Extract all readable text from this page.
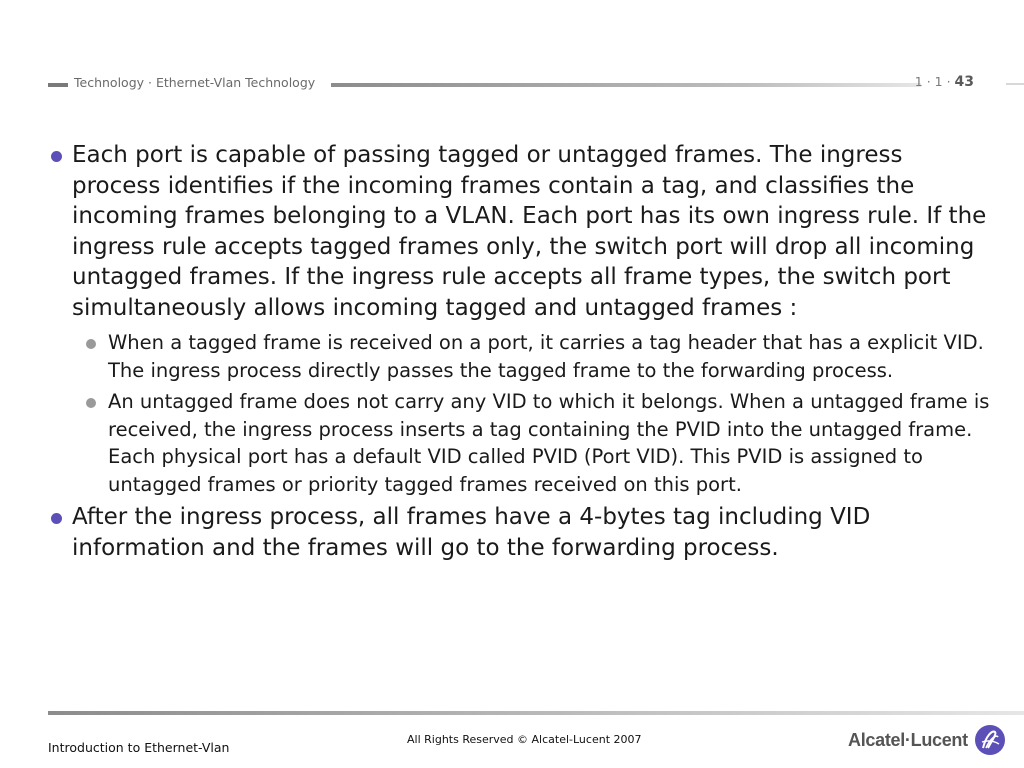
Technology · Ethernet-Vlan Technology	1 · 1 · 43
Each port is capable of passing tagged or untagged frames. The ingress process identifies if the incoming frames contain a tag, and classifies the incoming frames belonging to a VLAN. Each port has its own ingress rule. If the ingress rule accepts tagged frames only, the switch port will drop all incoming untagged frames. If the ingress rule accepts all frame types, the switch port simultaneously allows incoming tagged and untagged frames :
When a tagged frame is received on a port, it carries a tag header that has a explicit VID. The ingress process directly passes the tagged frame to the forwarding process.
An untagged frame does not carry any VID to which it belongs. When a untagged frame is received, the ingress process inserts a tag containing the PVID into the untagged frame. Each physical port has a default VID called PVID (Port VID). This PVID is assigned to untagged frames or priority tagged frames received on this port.
After the ingress process, all frames have a 4-bytes tag including VID information and the frames will go to the forwarding process.
Introduction to Ethernet-Vlan
All Rights Reserved © Alcatel-Lucent 2007	Alcatel·Lucent
